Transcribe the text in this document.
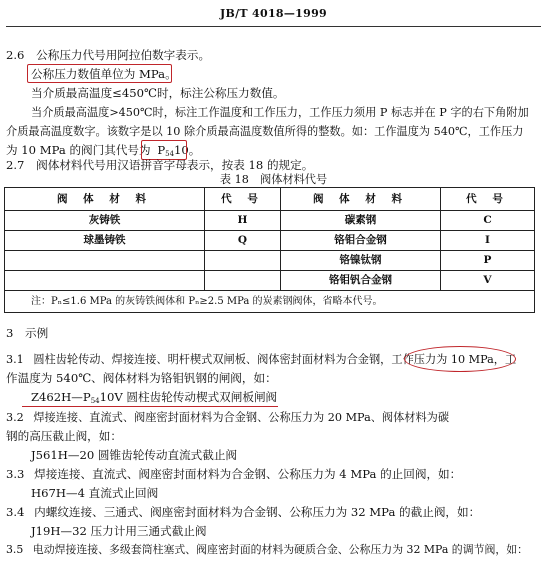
JB/T 4018—1999
2.6 公称压力代号用阿拉伯数字表示。
公称压力数值单位为 MPa。
当介质最高温度≤450℃时，标注公称压力数值。
当介质最高温度>450℃时，标注工作温度和工作压力，工作压力须用 P 标志并在 P 字的右下角附加
介质最高温度数字。该数字是以 10 除介质最高温度数值所得的整数。如：工作温度为 540℃，工作压力
为 10 MPa 的阀门其代号为 $P_{54}10$。
2.7 阀体材料代号用汉语拼音字母表示，按表 18 的规定。
表 18　阀体材料代号
阀 体 材 料	代 号	阀 体 材 料	代 号
灰铸铁	H	碳素钢	C
球墨铸铁	Q	铬钼合金钢	I
		铬镍钛钢	P
		铬钼钒合金钢	V
注：Pₙ≤1.6 MPa 的灰铸铁阀体和 Pₙ≥2.5 MPa 的炭素钢阀体，省略本代号。			
3　示例
3.1 圆柱齿轮传动、焊接连接、明杆楔式双闸板、阀体密封面材料为合金钢，工作压力为 10 MPa，工
作温度为 540℃、阀体材料为铬钼钒钢的闸阀，如：
$Z462H—P_{54}10V$ 圆柱齿轮传动楔式双闸板闸阀
3.2 焊接连接、直流式、阀座密封面材料为合金钢、公称压力为 20 MPa、阀体材料为碳
钢的高压截止阀，如：
J561H—20 圆锥齿轮传动直流式截止阀
3.3 焊接连接、直流式、阀座密封面材料为合金钢、公称压力为 4 MPa 的止回阀，如：
H67H—4 直流式止回阀
3.4 内螺纹连接、三通式、阀座密封面材料为合金钢、公称压力为 32 MPa 的截止阀，如：
J19H—32 压力计用三通式截止阀
3.5 电动焊接连接、多级套筒柱塞式、阀座密封面的材料为硬质合金、公称压力为 32 MPa 的调节阀，如：
